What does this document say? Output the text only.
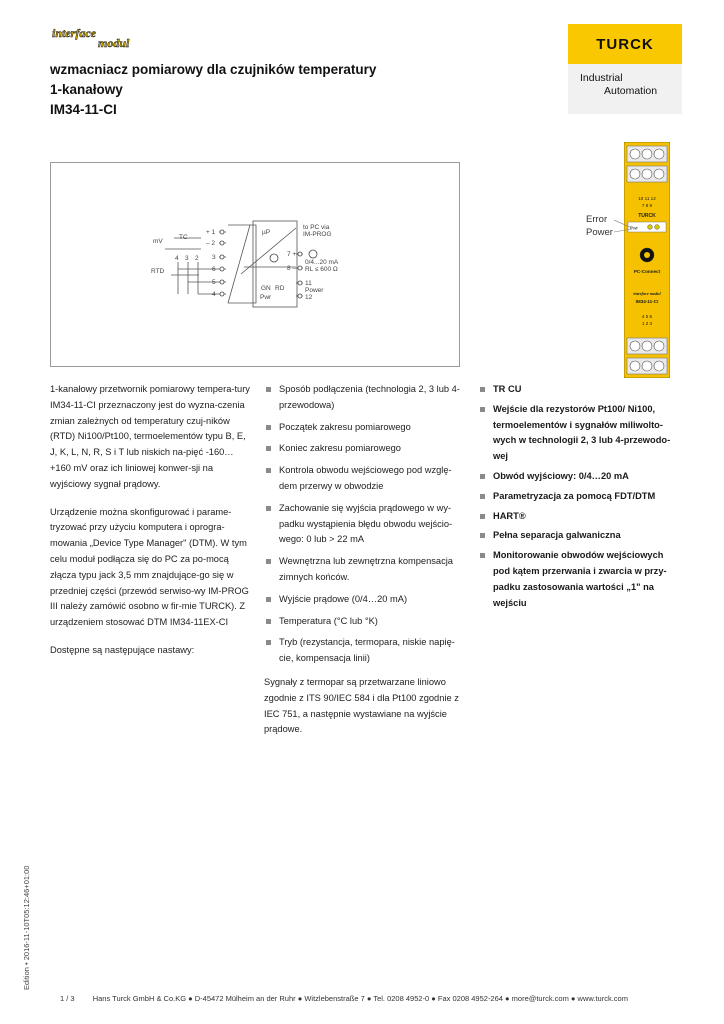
interface
modul
wzmacniacz pomiarowy dla czujników temperatury
1-kanałowy
IM34-11-CI
TURCK
Industrial
Automation
mV
TC
RTD
4 3 2
+ 1
– 2
3
6
5
4
µP
to PC via
IM-PROG
7 +
8 –
0/4...20 mA
RL ≤ 600 Ω
11
12
Power
GN RD
Pwr
10 11 12
7 8 9
TURCK
Pwr
PC-Connect
interface modul
IM34-11-CI
4 5 6
1 2 3
Error
Power

1-kanałowy przetwornik pomiarowy tempera-tury IM34-11-CI przeznaczony jest do wyzna-czenia zmian zależnych od temperatury czuj-ników (RTD) Ni100/Pt100, termoelementów typu B, E, J, K, L, N, R, S i T lub niskich na-pięć -160…+160 mV oraz ich liniowej konwer-sji na wyjściowy sygnał prądowy.

Urządzenie można skonfigurować i parame-tryzować przy użyciu komputera i oprogra-mowania „Device Type Manager" (DTM). W tym celu moduł podłącza się do PC za po-mocą złącza typu jack 3,5 mm znajdujące-go się w przedniej części (przewód serwiso-wy IM-PROG III należy zamówić osobno w fir-mie TURCK). Z urządzeniem stosować DTM IM34-11EX-CI

Dostępne są następujące nastawy:

Sposób podłączenia (technologia 2, 3 lub 4-przewodowa)
Początek zakresu pomiarowego
Koniec zakresu pomiarowego
Kontrola obwodu wejściowego pod wzglę-dem przerwy w obwodzie
Zachowanie się wyjścia prądowego w wy-padku wystąpienia błędu obwodu wejścio-wego: 0 lub > 22 mA
Wewnętrzna lub zewnętrzna kompensacja zimnych końców.
Wyjście prądowe (0/4…20 mA)
Temperatura (°C lub °K)
Tryb (rezystancja, termopara, niskie napię-cie, kompensacja linii)

Sygnały z termopar są przetwarzane liniowo zgodnie z ITS 90/IEC 584 i dla Pt100 zgodnie z IEC 751, a następnie wystawiane na wyjście prądowe.

TR CU
Wejście dla rezystorów Pt100/ Ni100, termoelementów i sygnałów miliwolto-wych w technologii 2, 3 lub 4-przewodo-wej
Obwód wyjściowy: 0/4…20 mA
Parametryzacja za pomocą FDT/DTM
HART®
Pełna separacja galwaniczna
Monitorowanie obwodów wejściowych pod kątem przerwania i zwarcia w przy-padku zastosowania wartości „1" na wejściu
Edition • 2016-11-10T05:12:46+01:00
1 / 3 Hans Turck GmbH & Co.KG ● D-45472 Mülheim an der Ruhr ● Witzlebenstraße 7 ● Tel. 0208 4952-0 ● Fax 0208 4952-264 ● more@turck.com ● www.turck.com
